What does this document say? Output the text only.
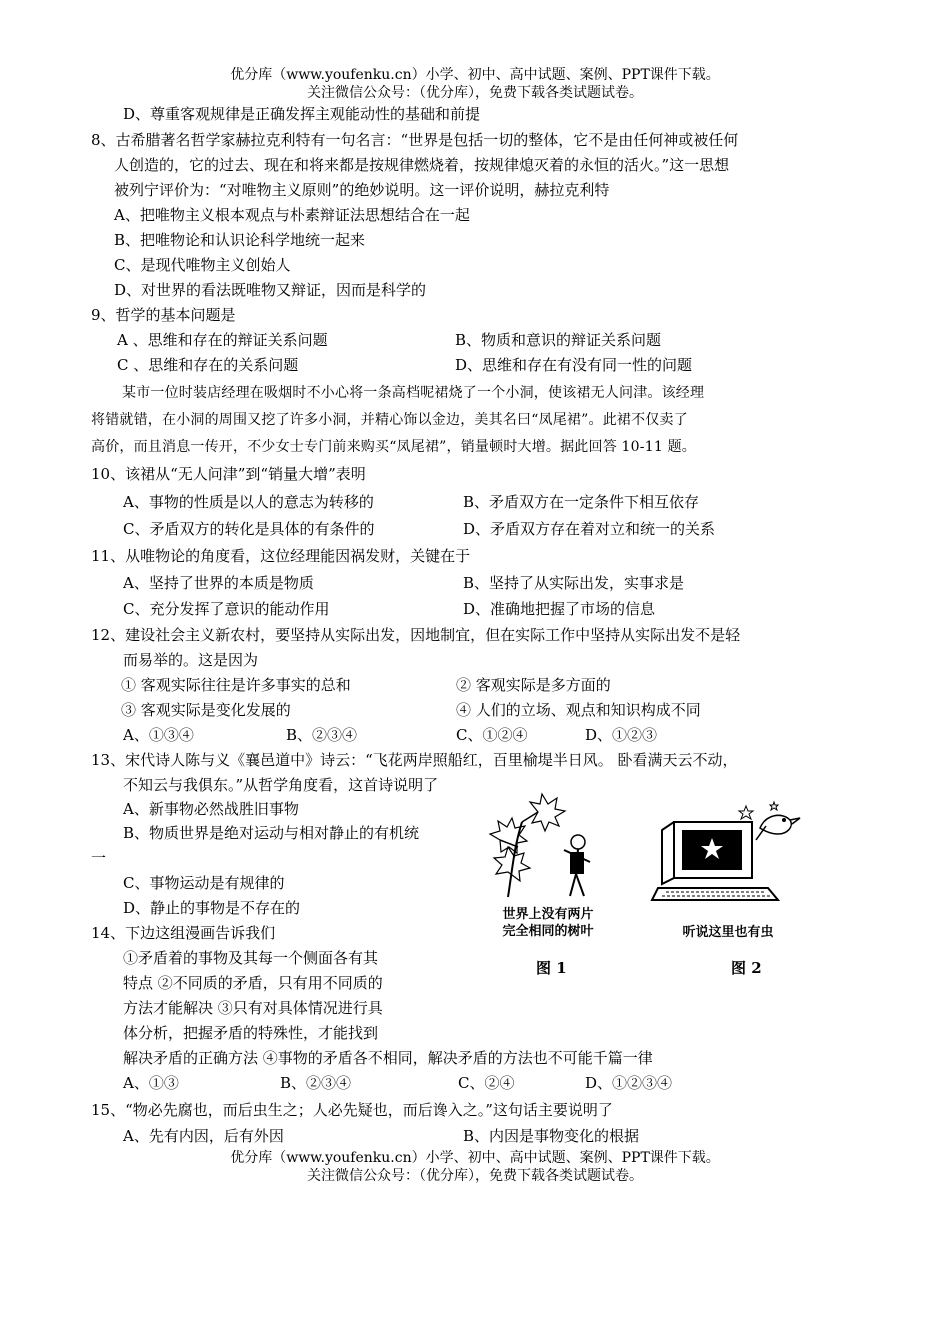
优分库（www.youfenku.cn）小学、初中、高中试题、案例、PPT课件下载。
关注微信公众号：（优分库），免费下载各类试题试卷。
D、尊重客观规律是正确发挥主观能动性的基础和前提
8、古希腊著名哲学家赫拉克利特有一句名言：“世界是包括一切的整体，它不是由任何神或被任何
人创造的，它的过去、现在和将来都是按规律燃烧着，按规律熄灭着的永恒的活火。”这一思想
被列宁评价为：“对唯物主义原则”的绝妙说明。这一评价说明，赫拉克利特
A、把唯物主义根本观点与朴素辩证法思想结合在一起
B、把唯物论和认识论科学地统一起来
C、是现代唯物主义创始人
D、对世界的看法既唯物又辩证，因而是科学的
9、哲学的基本问题是
A 、思维和存在的辩证关系问题	B、物质和意识的辩证关系问题
C 、思维和存在的关系问题	D、思维和存在有没有同一性的问题
某市一位时装店经理在吸烟时不小心将一条高档呢裙烧了一个小洞，使该裙无人问津。该经理
将错就错，在小洞的周围又挖了许多小洞，并精心饰以金边，美其名曰“凤尾裙”。此裙不仅卖了
高价，而且消息一传开，不少女士专门前来购买“凤尾裙”，销量顿时大增。据此回答 10-11 题。
10、该裙从“无人问津”到“销量大增”表明
A、事物的性质是以人的意志为转移的	B、矛盾双方在一定条件下相互依存
C、矛盾双方的转化是具体的有条件的	D、矛盾双方存在着对立和统一的关系
11、从唯物论的角度看，这位经理能因祸发财，关键在于
A、坚持了世界的本质是物质	B、坚持了从实际出发，实事求是
C、充分发挥了意识的能动作用	D、准确地把握了市场的信息
12、建设社会主义新农村，要坚持从实际出发，因地制宜，但在实际工作中坚持从实际出发不是轻
而易举的。这是因为
① 客观实际往往是许多事实的总和	② 客观实际是多方面的
③ 客观实际是变化发展的	④ 人们的立场、观点和知识构成不同
A、①③④	B、②③④	C、①②④	D、①②③
13、宋代诗人陈与义《襄邑道中》诗云：“飞花两岸照船红，百里榆堤半日风。 卧看满天云不动，
不知云与我俱东。”从哲学角度看，这首诗说明了
A、新事物必然战胜旧事物
B、物质世界是绝对运动与相对静止的有机统
一
C、事物运动是有规律的
D、静止的事物是不存在的
14、下边这组漫画告诉我们
①矛盾着的事物及其每一个侧面各有其
特点 ②不同质的矛盾，只有用不同质的
方法才能解决 ③只有对具体情况进行具
体分析，把握矛盾的特殊性，才能找到
解决矛盾的正确方法 ④事物的矛盾各不相同，解决矛盾的方法也不可能千篇一律
A、①③	B、②③④	C、②④	D、①②③④
世界上没有两片
完全相同的树叶
图 1
听说这里也有虫
图 2
15、“物必先腐也，而后虫生之；人必先疑也，而后谗入之。”这句话主要说明了
A、先有内因，后有外因	B、内因是事物变化的根据
优分库（www.youfenku.cn）小学、初中、高中试题、案例、PPT课件下载。
关注微信公众号：（优分库），免费下载各类试题试卷。
